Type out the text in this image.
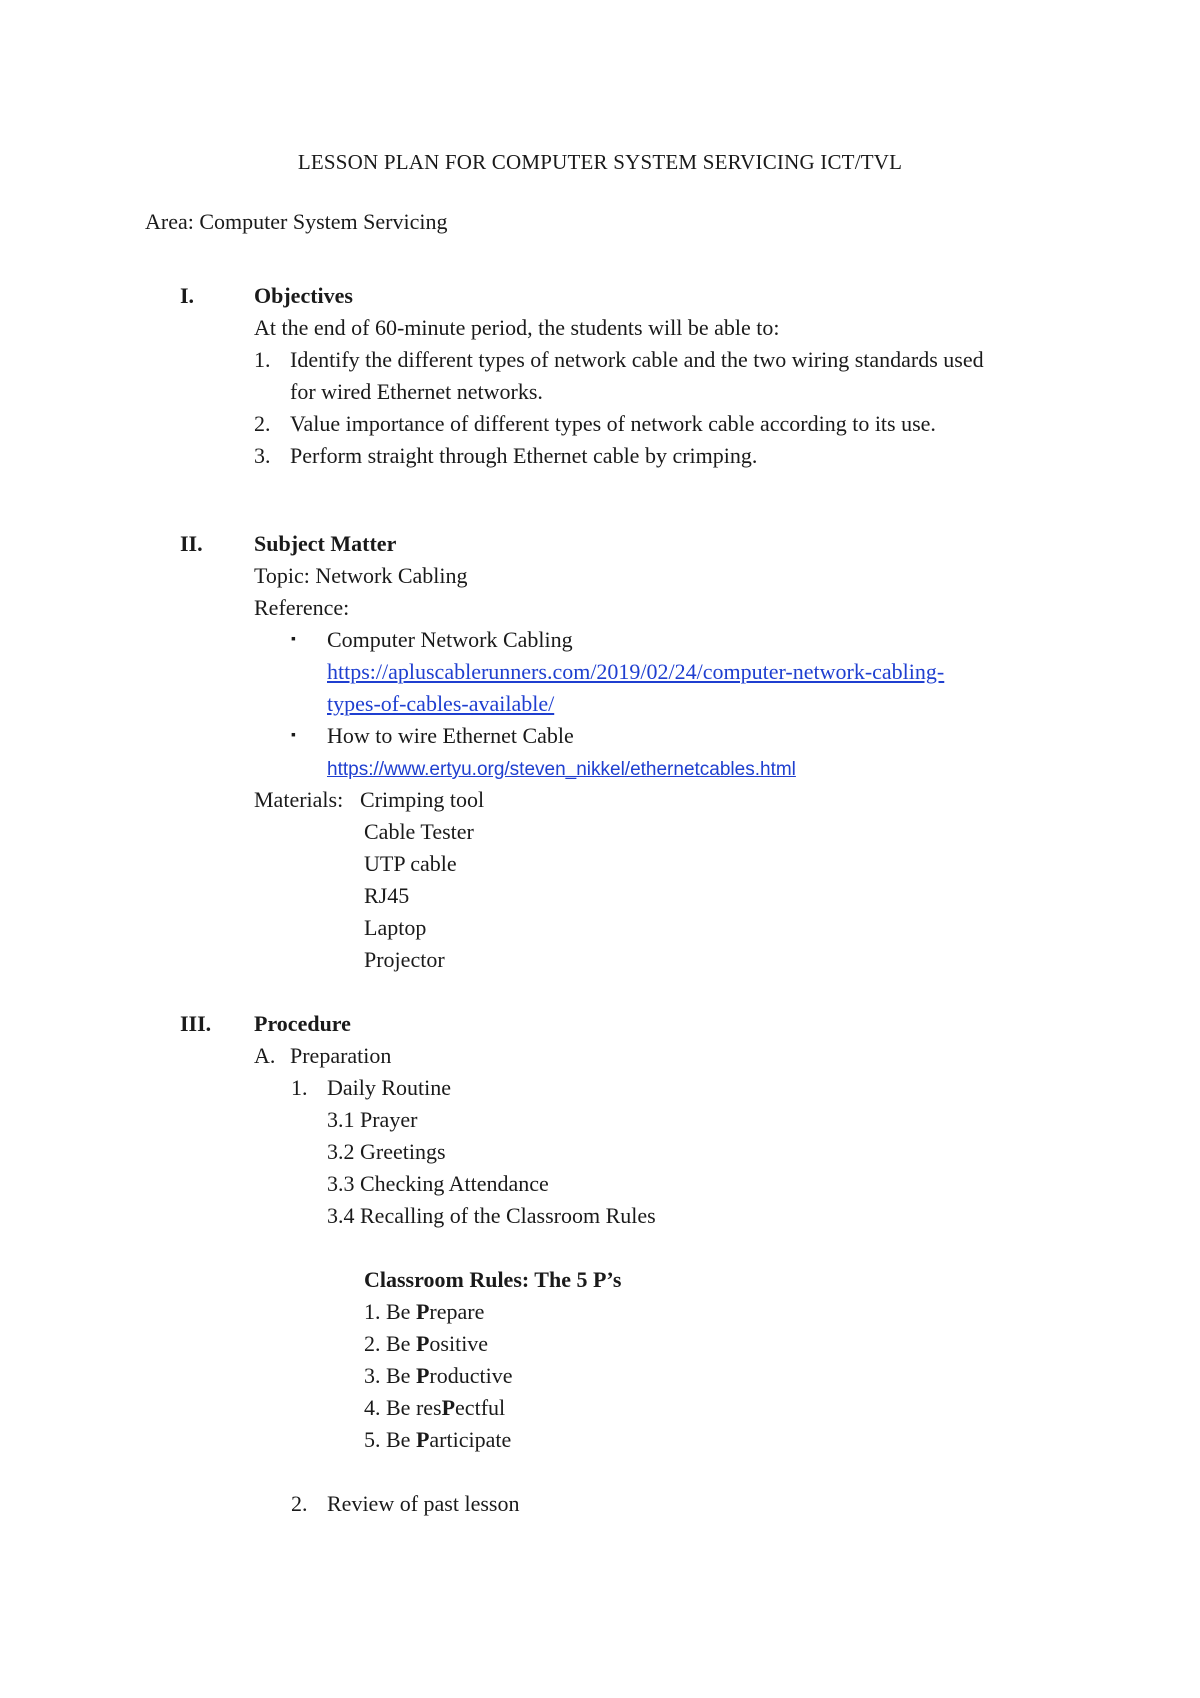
LESSON PLAN FOR COMPUTER SYSTEM SERVICING ICT/TVL
Area: Computer System Servicing
I.	Objectives
At the end of 60-minute period, the students will be able to:
1. Identify the different types of network cable and the two wiring standards used
for wired Ethernet networks.
2. Value importance of different types of network cable according to its use.
3. Perform straight through Ethernet cable by crimping.
II. Subject Matter
Topic: Network Cabling
Reference:
▪ Computer Network Cabling
https://apluscablerunners.com/2019/02/24/computer-network-cabling-
types-of-cables-available/
▪ How to wire Ethernet Cable
https://www.ertyu.org/steven_nikkel/ethernetcables.html
Materials: Crimping tool
Cable Tester
UTP cable
RJ45
Laptop
Projector
III. Procedure
A. Preparation
1. Daily Routine
3.1 Prayer
3.2 Greetings
3.3 Checking Attendance
3.4 Recalling of the Classroom Rules
Classroom Rules: The 5 P’s
1. Be Prepare
2. Be Positive
3. Be Productive
4. Be resPectful
5. Be Participate
2. Review of past lesson
